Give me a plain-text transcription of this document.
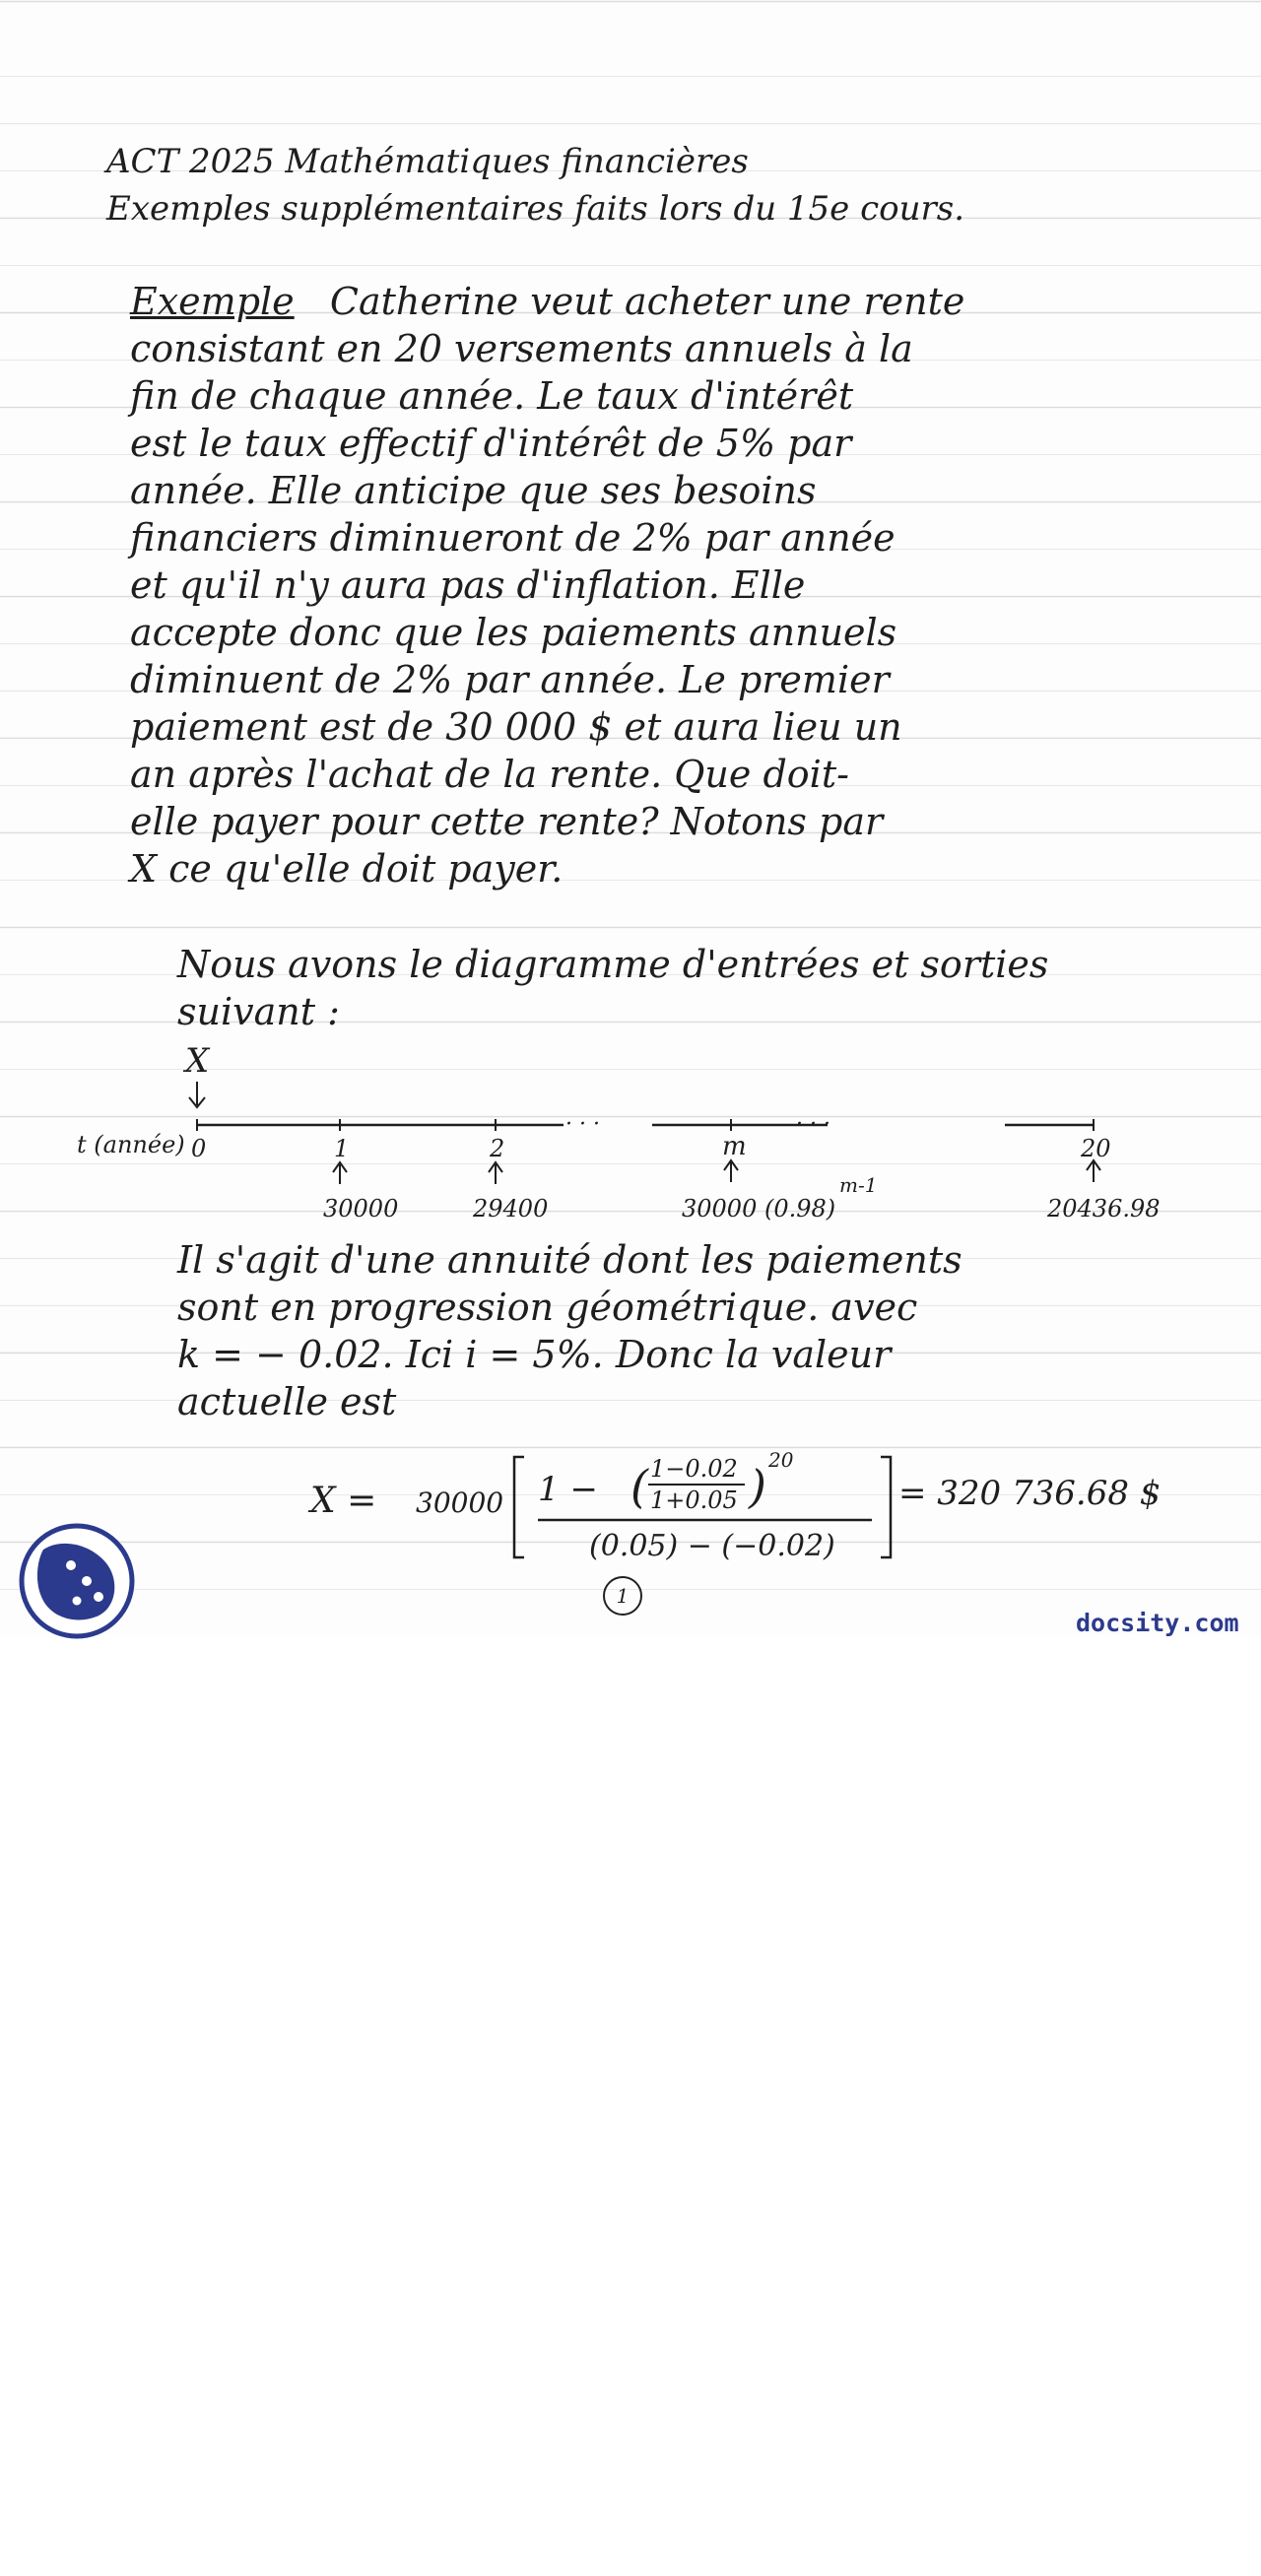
ACT 2025 Mathématiques financières
Exemples supplémentaires faits lors du 15e cours.
Exemple Catherine veut acheter une rente
consistant en 20 versements annuels à la
fin de chaque année. Le taux d'intérêt
est le taux effectif d'intérêt de 5% par
année. Elle anticipe que ses besoins
financiers diminueront de 2% par année
et qu'il n'y aura pas d'inflation. Elle
accepte donc que les paiements annuels
diminuent de 2% par année. Le premier
paiement est de 30 000 $ et aura lieu un
an après l'achat de la rente. Que doit-
elle payer pour cette rente? Notons par
X ce qu'elle doit payer.
Nous avons le diagramme d'entrées et sorties
suivant :
X
· · ·	· · ·
t (année) 0	1	2	m	20
30000	29400	30000 (0.98)
m-1
20436.98
Il s'agit d'une annuité dont les paiements
sont en progression géométrique. avec
k = − 0.02. Ici i = 5%. Donc la valeur
actuelle est
X = 30000 1 − ( 1−0.02
1+0.05 ) 20
(0.05) − (−0.02)
= 320 736.68 $
1
docsity.com
